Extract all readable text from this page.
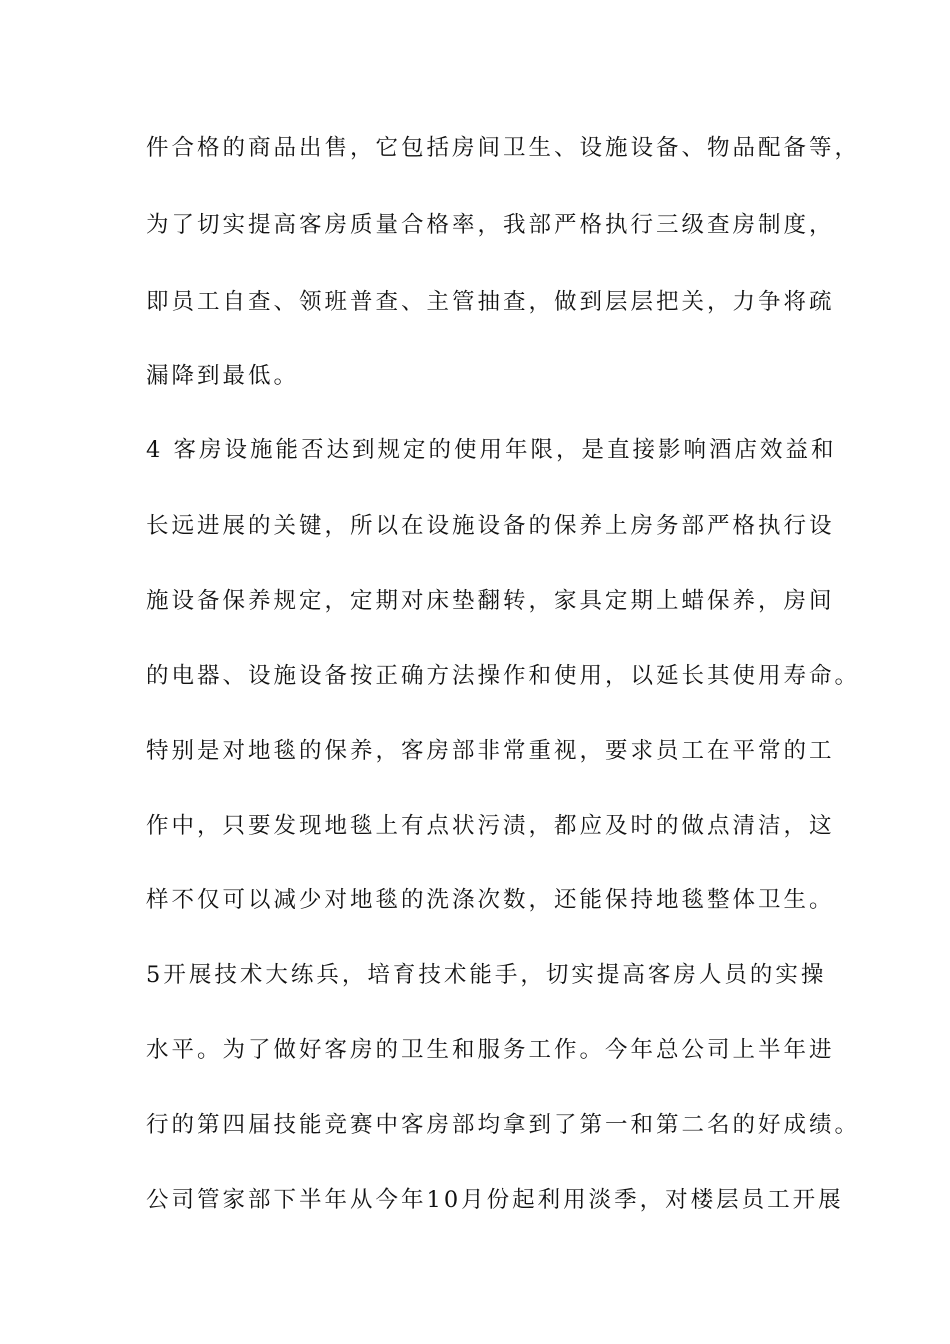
件合格的商品出售，它包括房间卫生、设施设备、物品配备等，
为了切实提高客房质量合格率，我部严格执行三级查房制度，
即员工自查、领班普查、主管抽查，做到层层把关，力争将疏
漏降到最低。
4 客房设施能否达到规定的使用年限，是直接影响酒店效益和
长远进展的关键，所以在设施设备的保养上房务部严格执行设
施设备保养规定，定期对床垫翻转，家具定期上蜡保养，房间
的电器、设施设备按正确方法操作和使用，以延长其使用寿命。
特别是对地毯的保养，客房部非常重视，要求员工在平常的工
作中，只要发现地毯上有点状污渍，都应及时的做点清洁，这
样不仅可以减少对地毯的洗涤次数，还能保持地毯整体卫生。
5开展技术大练兵，培育技术能手，切实提高客房人员的实操
水平。为了做好客房的卫生和服务工作。今年总公司上半年进
行的第四届技能竞赛中客房部均拿到了第一和第二名的好成绩。
公司管家部下半年从今年10月份起利用淡季，对楼层员工开展
